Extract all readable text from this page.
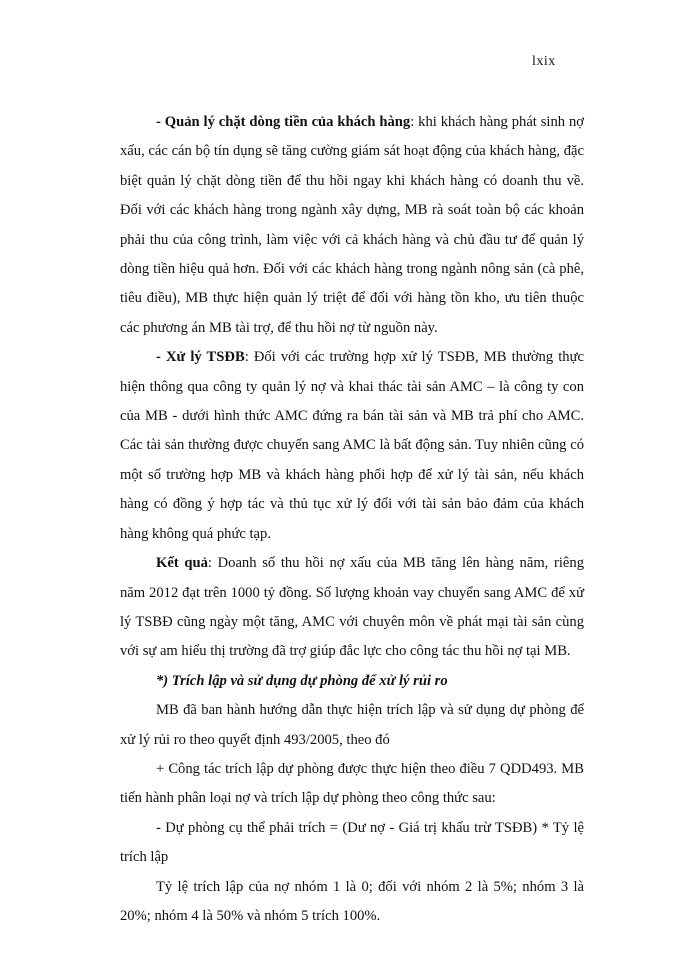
lxix

- Quản lý chặt dòng tiền của khách hàng: khi khách hàng phát sinh nợ xấu, các cán bộ tín dụng sẽ tăng cường giám sát hoạt động của khách hàng, đặc biệt quản lý chặt dòng tiền để thu hồi ngay khi khách hàng có doanh thu về. Đối với các khách hàng trong ngành xây dựng, MB rà soát toàn bộ các khoản phải thu của công trình, làm việc với cả khách hàng và chủ đầu tư để quản lý dòng tiền hiệu quả hơn. Đối với các khách hàng trong ngành nông sản (cà phê, tiêu điều), MB thực hiện quản lý triệt để đối với hàng tồn kho, ưu tiên thuộc các phương án MB tài trợ, để thu hồi nợ từ nguồn này.

- Xử lý TSĐB: Đối với các trường hợp xử lý TSĐB, MB thường thực hiện thông qua công ty quản lý nợ và khai thác tài sản AMC – là công ty con của MB - dưới hình thức AMC đứng ra bán tài sản và MB trả phí cho AMC. Các tài sản thường được chuyển sang AMC là bất động sản. Tuy nhiên cũng có một số trường hợp MB và khách hàng phối hợp để xử lý tài sản, nếu khách hàng có đồng ý hợp tác và thủ tục xử lý đối với tài sản bảo đảm của khách hàng không quá phức tạp.

Kết quả: Doanh số thu hồi nợ xấu của MB tăng lên hàng năm, riêng năm 2012 đạt trên 1000 tỷ đồng. Số lượng khoản vay chuyển sang AMC để xử lý TSBĐ cũng ngày một tăng, AMC với chuyên môn về phát mại tài sản cùng với sự am hiểu thị trường đã trợ giúp đắc lực cho công tác thu hồi nợ tại MB.

*) Trích lập và sử dụng dự phòng để xử lý rủi ro

MB đã ban hành hướng dẫn thực hiện trích lập và sử dụng dự phòng để xử lý rủi ro theo quyết định 493/2005, theo đó

+ Công tác trích lập dự phòng được thực hiện theo điều 7 QDD493. MB tiến hành phân loại nợ và trích lập dự phòng theo công thức sau:

- Dự phòng cụ thể phải trích = (Dư nợ - Giá trị khấu trừ TSĐB) * Tỷ lệ trích lập

Tỷ lệ trích lập của nợ nhóm 1 là 0; đối với nhóm 2 là 5%; nhóm 3 là 20%; nhóm 4 là 50% và nhóm 5 trích 100%.
